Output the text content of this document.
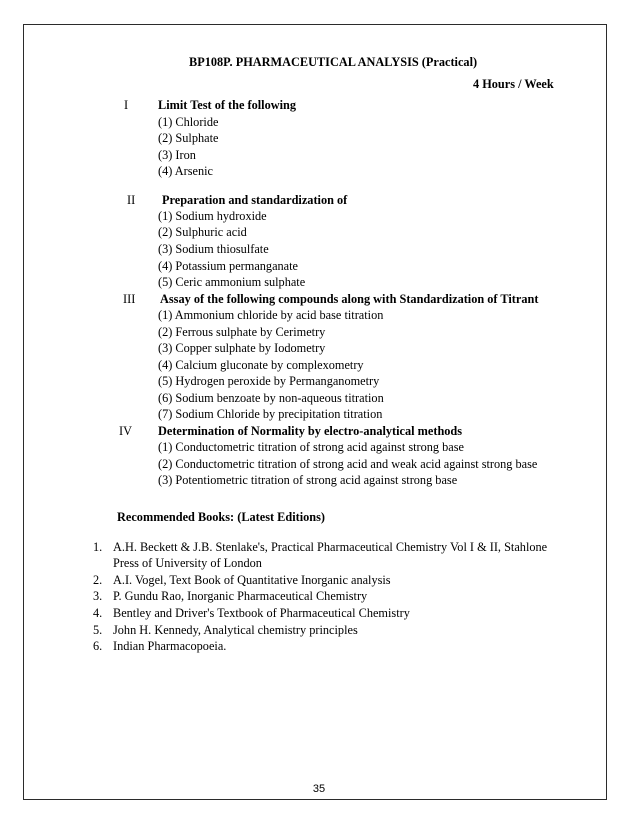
BP108P. PHARMACEUTICAL ANALYSIS (Practical)
4 Hours / Week
I Limit Test of the following
(1) Chloride
(2) Sulphate
(3) Iron
(4) Arsenic
II Preparation and standardization of
(1) Sodium hydroxide
(2) Sulphuric acid
(3) Sodium thiosulfate
(4) Potassium permanganate
(5) Ceric ammonium sulphate
III Assay of the following compounds along with Standardization of Titrant
(1) Ammonium chloride by acid base titration
(2) Ferrous sulphate by Cerimetry
(3) Copper sulphate by Iodometry
(4) Calcium gluconate by complexometry
(5) Hydrogen peroxide by Permanganometry
(6) Sodium benzoate by non-aqueous titration
(7) Sodium Chloride by precipitation titration
IV Determination of Normality by electro-analytical methods
(1) Conductometric titration of strong acid against strong base
(2) Conductometric titration of strong acid and weak acid against strong base
(3) Potentiometric titration of strong acid against strong base
Recommended Books: (Latest Editions)
1. A.H. Beckett & J.B. Stenlake's, Practical Pharmaceutical Chemistry Vol I & II, Stahlone
Press of University of London
2. A.I. Vogel, Text Book of Quantitative Inorganic analysis
3. P. Gundu Rao, Inorganic Pharmaceutical Chemistry
4. Bentley and Driver's Textbook of Pharmaceutical Chemistry
5. John H. Kennedy, Analytical chemistry principles
6. Indian Pharmacopoeia.
35
